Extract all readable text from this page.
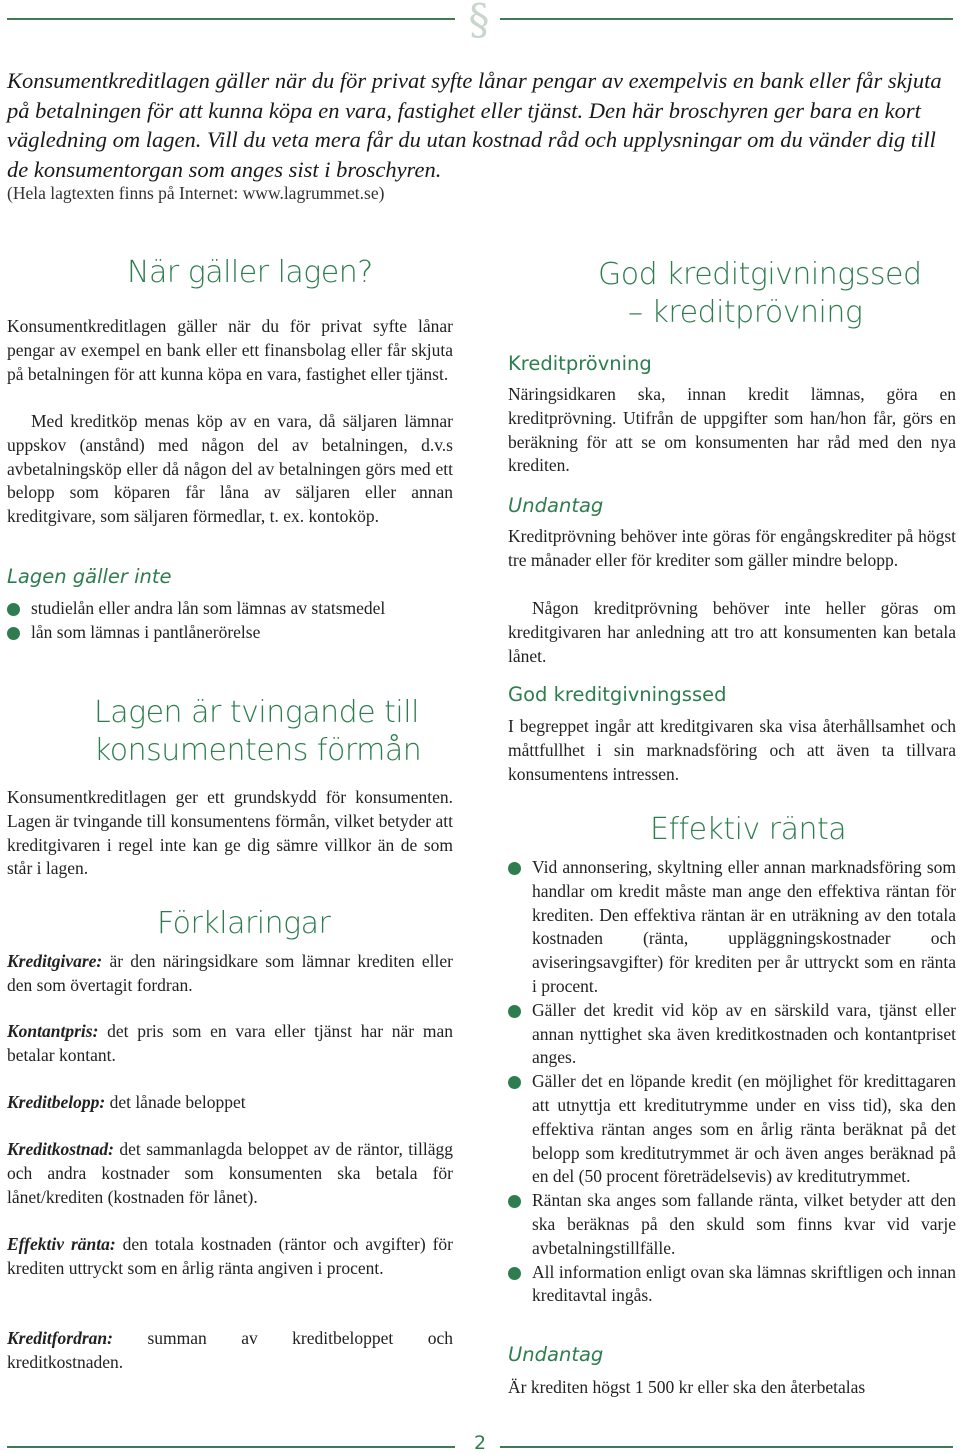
§
Konsumentkreditlagen gäller när du för privat syfte lånar pengar av exempelvis en bank eller får skjuta på betalningen för att kunna köpa en vara, fastighet eller tjänst. Den här broschyren ger bara en kort vägledning om lagen. Vill du veta mera får du utan kostnad råd och upplysningar om du vänder dig till de konsumentorgan som anges sist i broschyren.
(Hela lagtexten finns på Internet: www.lagrummet.se)
När gäller lagen?
Konsumentkreditlagen gäller när du för privat syfte lånar pengar av exempel en bank eller ett finansbolag eller får skjuta på betalningen för att kunna köpa en vara, fastighet eller tjänst.
Med kreditköp menas köp av en vara, då säljaren lämnar uppskov (anstånd) med någon del av betalningen, d.v.s avbetalningsköp eller då någon del av betalningen görs med ett belopp som köparen får låna av säljaren eller annan kreditgivare, som säljaren förmedlar, t. ex. kontoköp.
Lagen gäller inte
studielån eller andra lån som lämnas av statsmedel
lån som lämnas i pantlånerörelse
Lagen är tvingande till
konsumentens förmån
Konsumentkreditlagen ger ett grundskydd för konsumenten. Lagen är tvingande till konsumentens förmån, vilket betyder att kreditgivaren i regel inte kan ge dig sämre villkor än de som står i lagen.
Förklaringar
Kreditgivare: är den näringsidkare som lämnar krediten eller den som övertagit fordran.
Kontantpris: det pris som en vara eller tjänst har när man betalar kontant.
Kreditbelopp: det lånade beloppet
Kreditkostnad: det sammanlagda beloppet av de räntor, tillägg och andra kostnader som konsumenten ska betala för lånet/krediten (kostnaden för lånet).
Effektiv ränta: den totala kostnaden (räntor och avgifter) för krediten uttryckt som en årlig ränta angiven i procent.
Kreditfordran: summan av kreditbeloppet och kreditkostnaden.
God kreditgivningssed
– kreditprövning
Kreditprövning
Näringsidkaren ska, innan kredit lämnas, göra en kreditprövning. Utifrån de uppgifter som han/hon får, görs en beräkning för att se om konsumenten har råd med den nya krediten.
Undantag
Kreditprövning behöver inte göras för engångskrediter på högst tre månader eller för krediter som gäller mindre belopp.
Någon kreditprövning behöver inte heller göras om kreditgivaren har anledning att tro att konsumenten kan betala lånet.
God kreditgivningssed
I begreppet ingår att kreditgivaren ska visa återhållsamhet och måttfullhet i sin marknadsföring och att även ta tillvara konsumentens intressen.
Effektiv ränta
Vid annonsering, skyltning eller annan marknadsföring som handlar om kredit måste man ange den effektiva räntan för krediten. Den effektiva räntan är en uträkning av den totala kostnaden (ränta, uppläggningskostnader och aviseringsavgifter) för krediten per år uttryckt som en ränta i procent.
Gäller det kredit vid köp av en särskild vara, tjänst eller annan nyttighet ska även kreditkostnaden och kontantpriset anges.
Gäller det en löpande kredit (en möjlighet för kredittagaren att utnyttja ett kreditutrymme under en viss tid), ska den effektiva räntan anges som en årlig ränta beräknat på det belopp som kreditutrymmet är och även anges beräknad på en del (50 procent företrädelsevis) av kreditutrymmet.
Räntan ska anges som fallande ränta, vilket betyder att den ska beräknas på den skuld som finns kvar vid varje avbetalningstillfälle.
All information enligt ovan ska lämnas skriftligen och innan kreditavtal ingås.
Undantag
Är krediten högst 1 500 kr eller ska den återbetalas
2
